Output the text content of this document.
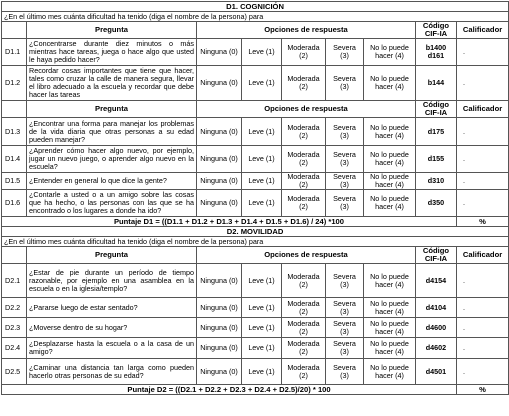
D1. COGNICIÓN								
¿En el último mes cuánta dificultad ha tenido (diga el nombre de la persona) para								
	Pregunta	Opciones de respuesta					Código CIF-IA	Calificador
D1.1	¿Concentrarse durante diez minutos o más mientras hace tareas, juega o hace algo que usted le haya pedido hacer?	Ninguna (0)	Leve (1)	Moderada (2)	Severa (3)	No lo puede hacer (4)	b1400 d161	.
D1.2	Recordar cosas importantes que tiene que hacer, tales como cruzar la calle de manera segura, llevar el libro adecuado a la escuela y recordar que debe hacer las tareas	Ninguna (0)	Leve (1)	Moderada (2)	Severa (3)	No lo puede hacer (4)	b144	.
	Pregunta	Opciones de respuesta					Código CIF-IA	Calificador
D1.3	¿Encontrar una forma para manejar los problemas de la vida diaria que otras personas a su edad pueden manejar?	Ninguna (0)	Leve (1)	Moderada (2)	Severa (3)	No lo puede hacer (4)	d175	.
D1.4	¿Aprender cómo hacer algo nuevo, por ejemplo, jugar un nuevo juego, o aprender algo nuevo en la escuela?	Ninguna (0)	Leve (1)	Moderada (2)	Severa (3)	No lo puede hacer (4)	d155	.
D1.5	¿Entender en general lo que dice la gente?	Ninguna (0)	Leve (1)	Moderada (2)	Severa (3)	No lo puede hacer (4)	d310	.
D1.6	¿Contarle a usted o a un amigo sobre las cosas que ha hecho, o las personas con las que se ha encontrado o los lugares a donde ha ido?	Ninguna (0)	Leve (1)	Moderada (2)	Severa (3)	No lo puede hacer (4)	d350	.
Puntaje D1 = ((D1.1 + D1.2 + D1.3 + D1.4 + D1.5 + D1.6) / 24) *100								%
D2. MOVILIDAD								
¿En el último mes cuánta dificultad ha tenido (diga el nombre de la persona) para								
	Pregunta	Opciones de respuesta					Código CIF-IA	Calificador
D2.1	¿Estar de pie durante un período de tiempo razonable, por ejemplo en una asamblea en la escuela o en la iglesia/templo?	Ninguna (0)	Leve (1)	Moderada (2)	Severa (3)	No lo puede hacer (4)	d4154	.
D2.2	¿Pararse luego de estar sentado?	Ninguna (0)	Leve (1)	Moderada (2)	Severa (3)	No lo puede hacer (4)	d4104	.
D2.3	¿Moverse dentro de su hogar?	Ninguna (0)	Leve (1)	Moderada (2)	Severa (3)	No lo puede hacer (4)	d4600	.
D2.4	¿Desplazarse hasta la escuela o a la casa de un amigo?	Ninguna (0)	Leve (1)	Moderada (2)	Severa (3)	No lo puede hacer (4)	d4602	.
D2.5	¿Caminar una distancia tan larga como pueden hacerlo otras personas de su edad?	Ninguna (0)	Leve (1)	Moderada (2)	Severa (3)	No lo puede hacer (4)	d4501	.
Puntaje D2 = ((D2.1 + D2.2 + D2.3 + D2.4 + D2.5)/20) * 100								%
